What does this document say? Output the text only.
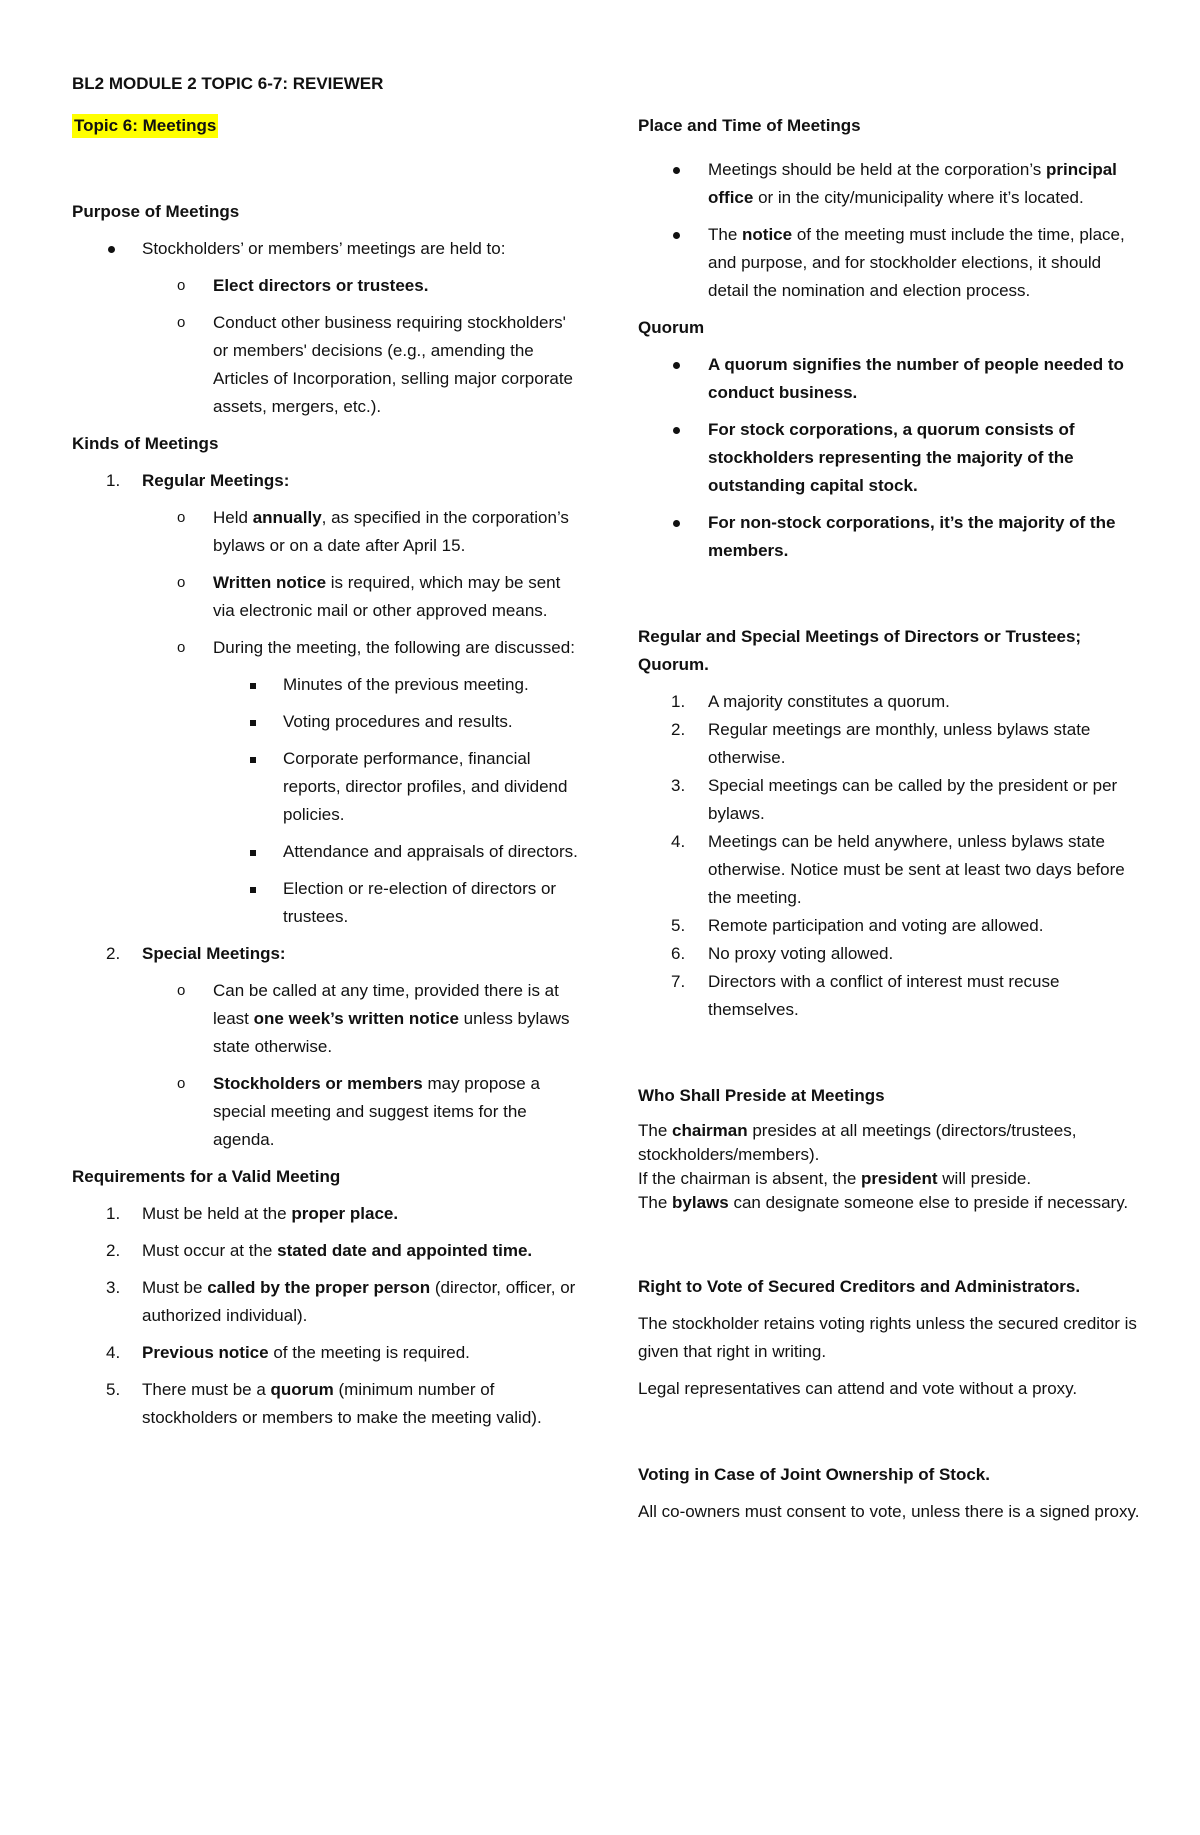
BL2 MODULE 2 TOPIC 6-7: REVIEWER
Topic 6: Meetings

Purpose of Meetings

Stockholders’ or members’ meetings are held to:
o Elect directors or trustees.
o Conduct other business requiring stockholders' or members' decisions (e.g., amending the Articles of Incorporation, selling major corporate assets, mergers, etc.).

Kinds of Meetings

1. Regular Meetings:
o Held annually, as specified in the corporation’s bylaws or on a date after April 15.
o Written notice is required, which may be sent via electronic mail or other approved means.
o During the meeting, the following are discussed:
Minutes of the previous meeting.
Voting procedures and results.
Corporate performance, financial reports, director profiles, and dividend policies.
Attendance and appraisals of directors.
Election or re-election of directors or trustees.
2. Special Meetings:
o Can be called at any time, provided there is at least one week’s written notice unless bylaws state otherwise.
o Stockholders or members may propose a special meeting and suggest items for the agenda.

Requirements for a Valid Meeting

1. Must be held at the proper place.
2. Must occur at the stated date and appointed time.
3. Must be called by the proper person (director, officer, or authorized individual).
4. Previous notice of the meeting is required.
5. There must be a quorum (minimum number of stockholders or members to make the meeting valid).

Place and Time of Meetings

Meetings should be held at the corporation’s principal office or in the city/municipality where it’s located.
The notice of the meeting must include the time, place, and purpose, and for stockholder elections, it should detail the nomination and election process.

Quorum

A quorum signifies the number of people needed to conduct business.
For stock corporations, a quorum consists of stockholders representing the majority of the outstanding capital stock.
For non-stock corporations, it’s the majority of the members.

Regular and Special Meetings of Directors or Trustees; Quorum.

1. A majority constitutes a quorum.
2. Regular meetings are monthly, unless bylaws state otherwise.
3. Special meetings can be called by the president or per bylaws.
4. Meetings can be held anywhere, unless bylaws state otherwise. Notice must be sent at least two days before the meeting.
5. Remote participation and voting are allowed.
6. No proxy voting allowed.
7. Directors with a conflict of interest must recuse themselves.

Who Shall Preside at Meetings

The chairman presides at all meetings (directors/trustees, stockholders/members).
If the chairman is absent, the president will preside.
The bylaws can designate someone else to preside if necessary.

Right to Vote of Secured Creditors and Administrators.

The stockholder retains voting rights unless the secured creditor is given that right in writing.

Legal representatives can attend and vote without a proxy.

Voting in Case of Joint Ownership of Stock.

All co-owners must consent to vote, unless there is a signed proxy.
